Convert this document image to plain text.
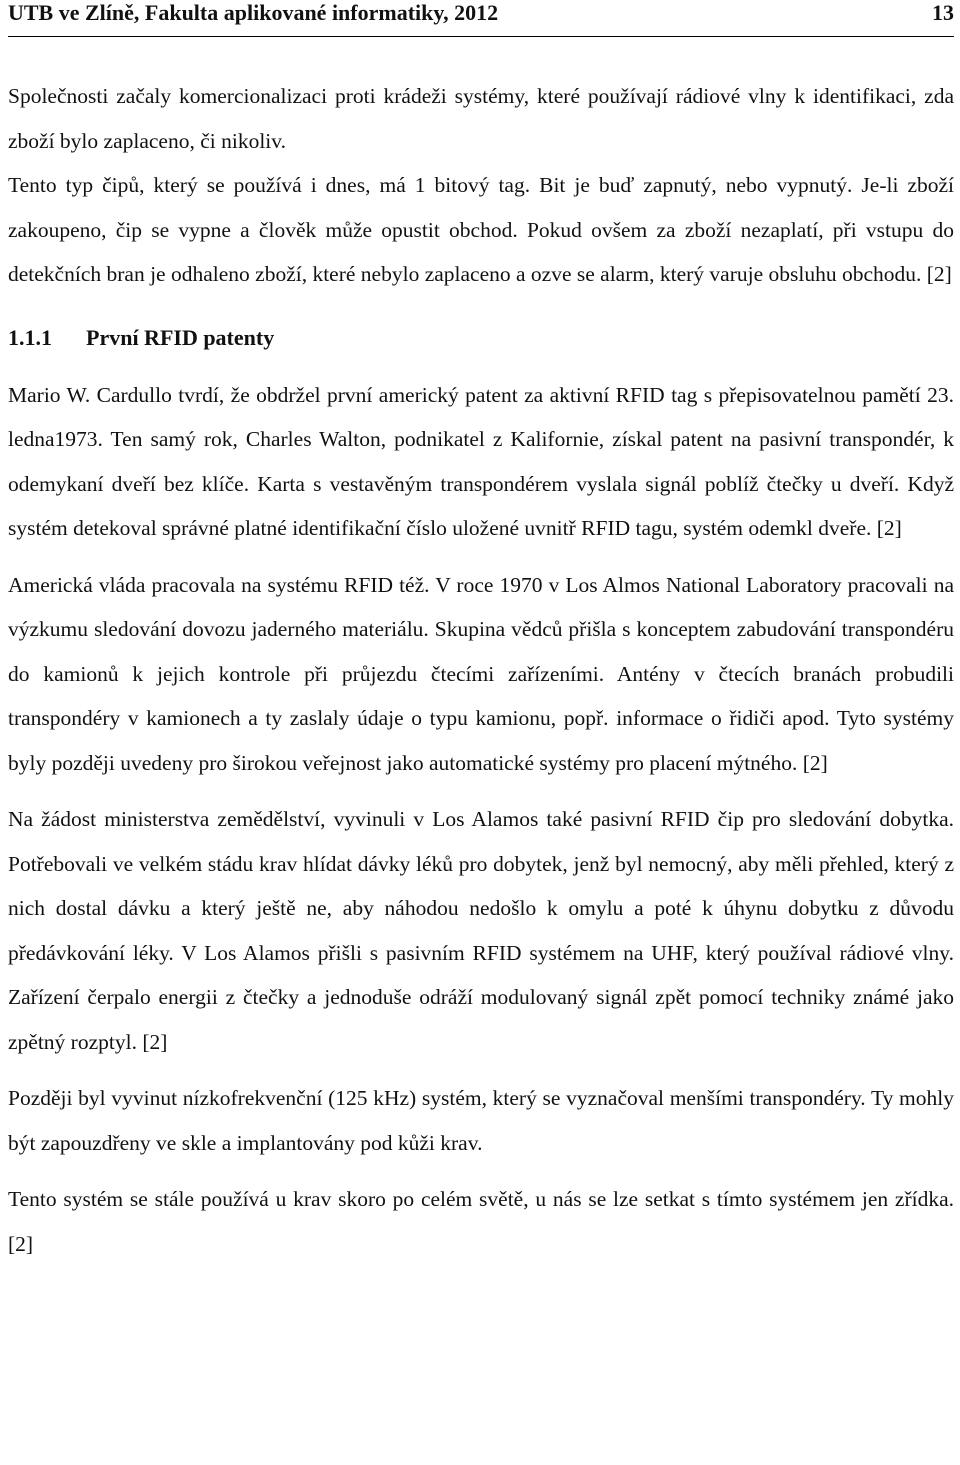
UTB ve Zlíně, Fakulta aplikované informatiky, 2012	13

Společnosti začaly komercionalizaci proti krádeži systémy, které používají rádiové vlny k identifikaci, zda zboží bylo zaplaceno, či nikoliv.

Tento typ čipů, který se používá i dnes, má 1 bitový tag. Bit je buď zapnutý, nebo vypnutý. Je-li zboží zakoupeno, čip se vypne a člověk může opustit obchod. Pokud ovšem za zboží nezaplatí, při vstupu do detekčních bran je odhaleno zboží, které nebylo zaplaceno a ozve se alarm, který varuje obsluhu obchodu. [2]

1.1.1	První RFID patenty

Mario W. Cardullo tvrdí, že obdržel první americký patent za aktivní RFID tag s přepisovatelnou pamětí 23. ledna1973. Ten samý rok, Charles Walton, podnikatel z Kalifornie, získal patent na pasivní transpondér, k odemykaní dveří bez klíče. Karta s vestavěným transpondérem vyslala signál poblíž čtečky u dveří. Když systém detekoval správné platné identifikační číslo uložené uvnitř RFID tagu, systém odemkl dveře. [2]

Americká vláda pracovala na systému RFID též. V roce 1970 v Los Almos National Laboratory pracovali na výzkumu sledování dovozu jaderného materiálu. Skupina vědců přišla s konceptem zabudování transpondéru do kamionů k jejich kontrole při průjezdu čtecími zařízeními. Antény v čtecích branách probudili transpondéry v kamionech a ty zaslaly údaje o typu kamionu, popř. informace o řidiči apod. Tyto systémy byly později uvedeny pro širokou veřejnost jako automatické systémy pro placení mýtného. [2]

Na žádost ministerstva zemědělství, vyvinuli v Los Alamos také pasivní RFID čip pro sledování dobytka. Potřebovali ve velkém stádu krav hlídat dávky léků pro dobytek, jenž byl nemocný, aby měli přehled, který z nich dostal dávku a který ještě ne, aby náhodou nedošlo k omylu a poté k úhynu dobytku z důvodu předávkování léky. V Los Alamos přišli s pasivním RFID systémem na UHF, který používal rádiové vlny. Zařízení čerpalo energii z čtečky a jednoduše odráží modulovaný signál zpět pomocí techniky známé jako zpětný rozptyl. [2]

Později byl vyvinut nízkofrekvenční (125 kHz) systém, který se vyznačoval menšími transpondéry. Ty mohly být zapouzdřeny ve skle a implantovány pod kůži krav.

Tento systém se stále používá u krav skoro po celém světě, u nás se lze setkat s tímto systémem jen zřídka. [2]
